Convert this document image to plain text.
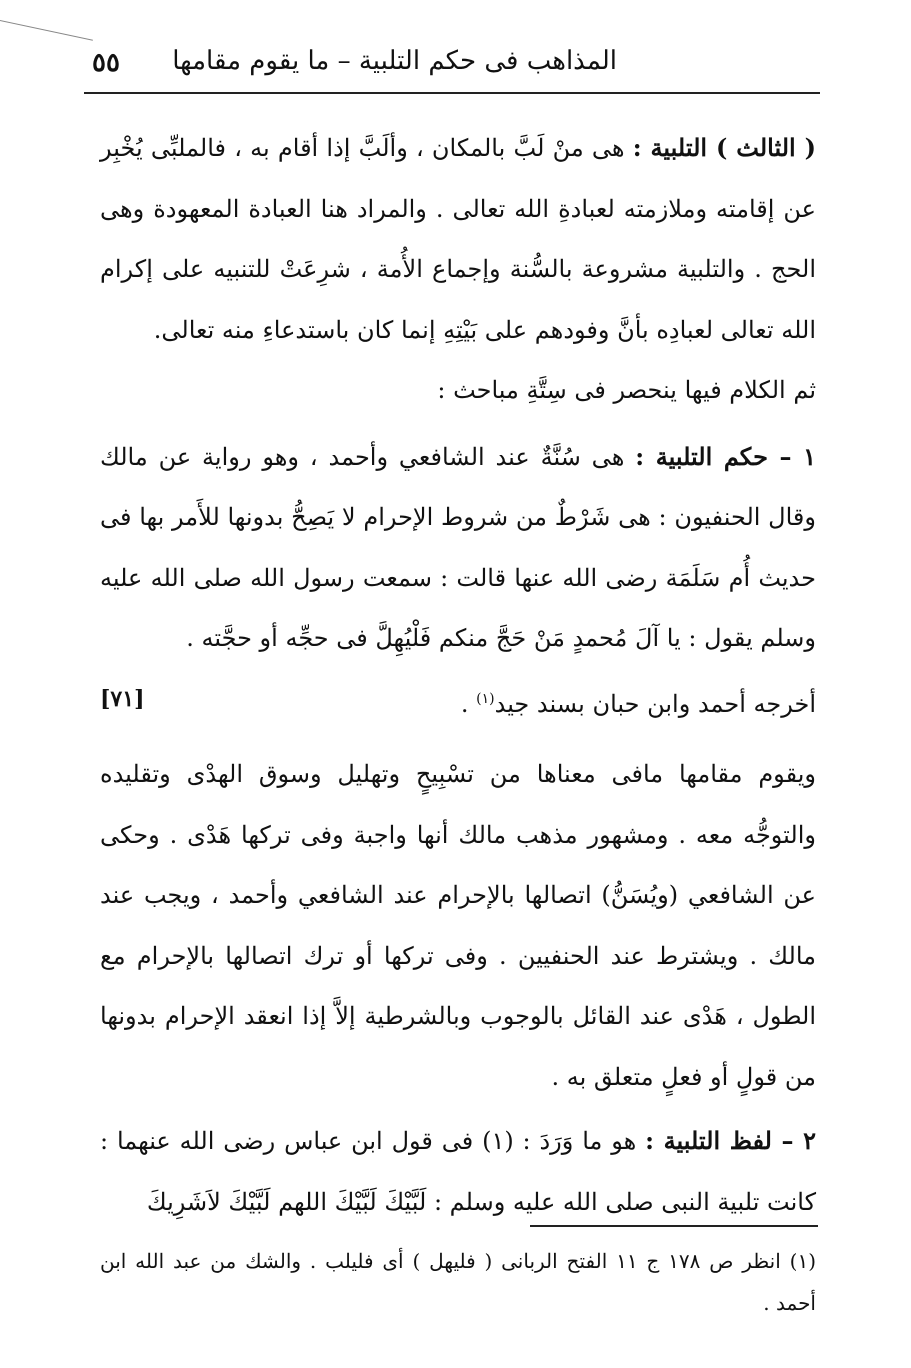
المذاهب فى حكم التلبية – ما يقوم مقامها
٥٥

( الثالث ) التلبية : هى منْ لَبَّ بالمكان ، وألَبَّ إذا أقام به ، فالملبِّى يُخْبِر عن إقامته وملازمته لعبادةِ الله تعالى . والمراد هنا العبادة المعهودة وهى الحج . والتلبية مشروعة بالسُّنة وإجماع الأُمة ، شرِعَتْ للتنبيه على إكرام الله تعالى لعبادِه بأنَّ وفودهم على بَيْتِهِ إنما كان باستدعاءِ منه تعالى.

ثم الكلام فيها ينحصر فى سِتَّةِ مباحث :

١ – حكم التلبية : هى سُنَّةٌ عند الشافعي وأحمد ، وهو رواية عن مالك وقال الحنفيون : هى شَرْطٌ من شروط الإحرام لا يَصِحُّ بدونها للأَمر بها فى حديث أُم سَلَمَة رضى الله عنها قالت : سمعت رسول الله صلى الله عليه وسلم يقول : يا آلَ مُحمدٍ مَنْ حَجَّ منكم فَلْيُهِلَّ فى حجِّه أو حجَّته .

أخرجه أحمد وابن حبان بسند جيد$^{(١)}$ .
[٧١]

ويقوم مقامها مافى معناها من تسْبِيحٍ وتهليل وسوق الهدْى وتقليده والتوجُّه معه . ومشهور مذهب مالك أنها واجبة وفى تركها هَدْى . وحكى عن الشافعي (ويُسَنُّ) اتصالها بالإحرام عند الشافعي وأحمد ، ويجب عند مالك . ويشترط عند الحنفيين . وفى تركها أو ترك اتصالها بالإحرام مع الطول ، هَدْى عند القائل بالوجوب وبالشرطية إلاَّ إذا انعقد الإحرام بدونها من قولٍ أو فعلٍ متعلق به .

٢ – لفظ التلبية : هو ما وَرَدَ : (١) فى قول ابن عباس رضى الله عنهما : كانت تلبية النبى صلى الله عليه وسلم : لَبَّيْكَ لَبَّيْكَ اللهم لَبَّيْكَ لاَشَرِيكَ

(١) انظر ص ١٧٨ ج ١١ الفتح الربانى ( فليهل ) أى فليلب . والشك من عبد الله ابن أحمد .
